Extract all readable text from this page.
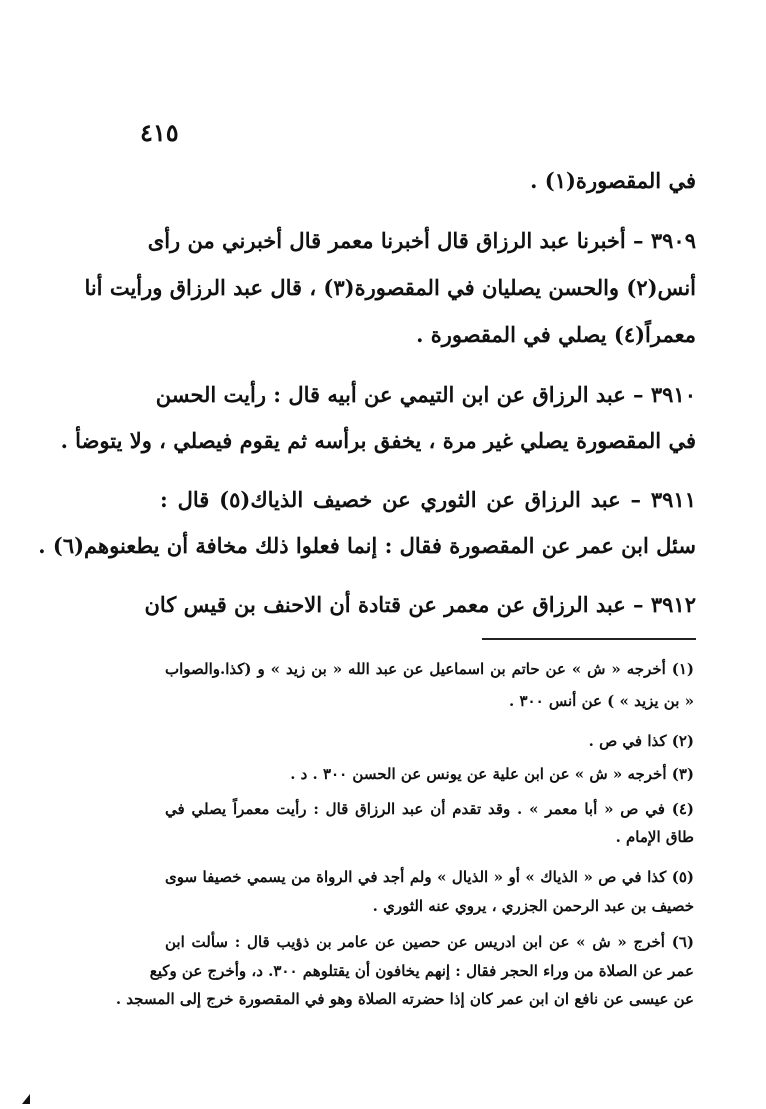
٤١٥
في المقصورة(١) .
٣٩٠٩ – أخبرنا عبد الرزاق قال أخبرنا معمر قال أخبرني من رأى
أنس(٢) والحسن يصليان في المقصورة(٣) ، قال عبد الرزاق ورأيت أنا
معمراً(٤) يصلي في المقصورة .
٣٩١٠ – عبد الرزاق عن ابن التيمي عن أبيه قال : رأيت الحسن
في المقصورة يصلي غير مرة ، يخفق برأسه ثم يقوم فيصلي ، ولا يتوضأ .
٣٩١١ – عبد الرزاق عن الثوري عن خصيف الذياك(٥) قال :
سئل ابن عمر عن المقصورة فقال : إنما فعلوا ذلك مخافة أن يطعنوهم(٦) .
٣٩١٢ – عبد الرزاق عن معمر عن قتادة أن الاحنف بن قيس كان
(١) أخرجه « ش » عن حاتم بن اسماعيل عن عبد الله « بن زيد » و (كذا.والصواب
« بن يزيد » ) عن أنس ٣٠٠ .
(٢) كذا في ص .
(٣) أخرجه « ش » عن ابن علية عن يونس عن الحسن ٣٠٠ . د .
(٤) في ص « أبا معمر » . وقد تقدم أن عبد الرزاق قال : رأيت معمراً يصلي في
طاق الإمام .
(٥) كذا في ص « الذياك » أو « الذيال » ولم أجد في الرواة من يسمي خصيفا سوى
خصيف بن عبد الرحمن الجزري ، يروي عنه الثوري .
(٦) أخرج « ش » عن ابن ادريس عن حصين عن عامر بن ذؤيب قال : سألت ابن
عمر عن الصلاة من وراء الحجر فقال : إنهم يخافون أن يقتلوهم ٣٠٠. د، وأخرج عن وكيع
عن عيسى عن نافع ان ابن عمر كان إذا حضرته الصلاة وهو في المقصورة خرج إلى المسجد .
